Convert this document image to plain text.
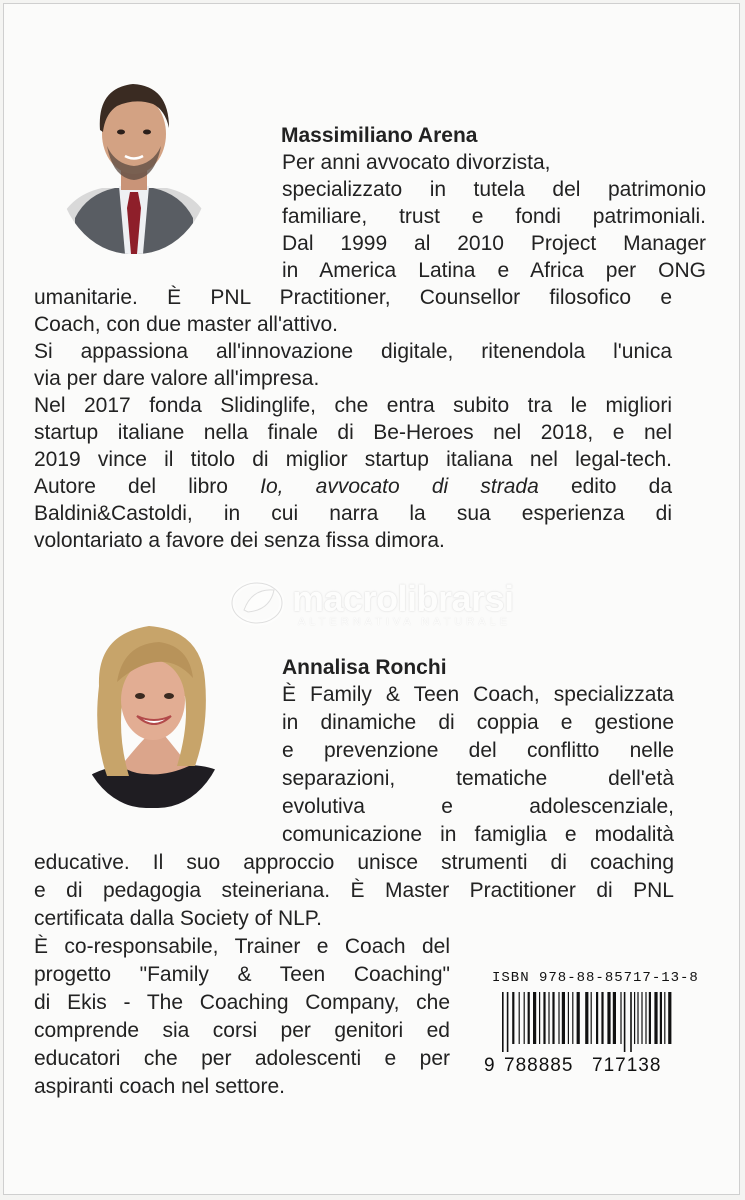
Massimiliano Arena
Per anni avvocato divorzista,
specializzato in tutela del patrimonio
familiare, trust e fondi patrimoniali.
Dal 1999 al 2010 Project Manager
in America Latina e Africa per ONG
umanitarie. È PNL Practitioner, Counsellor filosofico e
Coach, con due master all'attivo.
Si appassiona all'innovazione digitale, ritenendola l'unica
via per dare valore all'impresa.
Nel 2017 fonda Slidinglife, che entra subito tra le migliori
startup italiane nella finale di Be-Heroes nel 2018, e nel
2019 vince il titolo di miglior startup italiana nel legal-tech.
Autore del libro Io, avvocato di strada edito da
Baldini&Castoldi, in cui narra la sua esperienza di
volontariato a favore dei senza fissa dimora.
macrolibrarsi
ALTERNATIVA NATURALE
Annalisa Ronchi
È Family & Teen Coach, specializzata
in dinamiche di coppia e gestione
e prevenzione del conflitto nelle
separazioni, tematiche dell'età
evolutiva e adolescenziale,
comunicazione in famiglia e modalità
educative. Il suo approccio unisce strumenti di coaching
e di pedagogia steineriana. È Master Practitioner di PNL
certificata dalla Society of NLP.
È co-responsabile, Trainer e Coach del
progetto "Family & Teen Coaching"
di Ekis - The Coaching Company, che
comprende sia corsi per genitori ed
educatori che per adolescenti e per
aspiranti coach nel settore.
ISBN 978-88-85717-13-8
9 788885 717138
